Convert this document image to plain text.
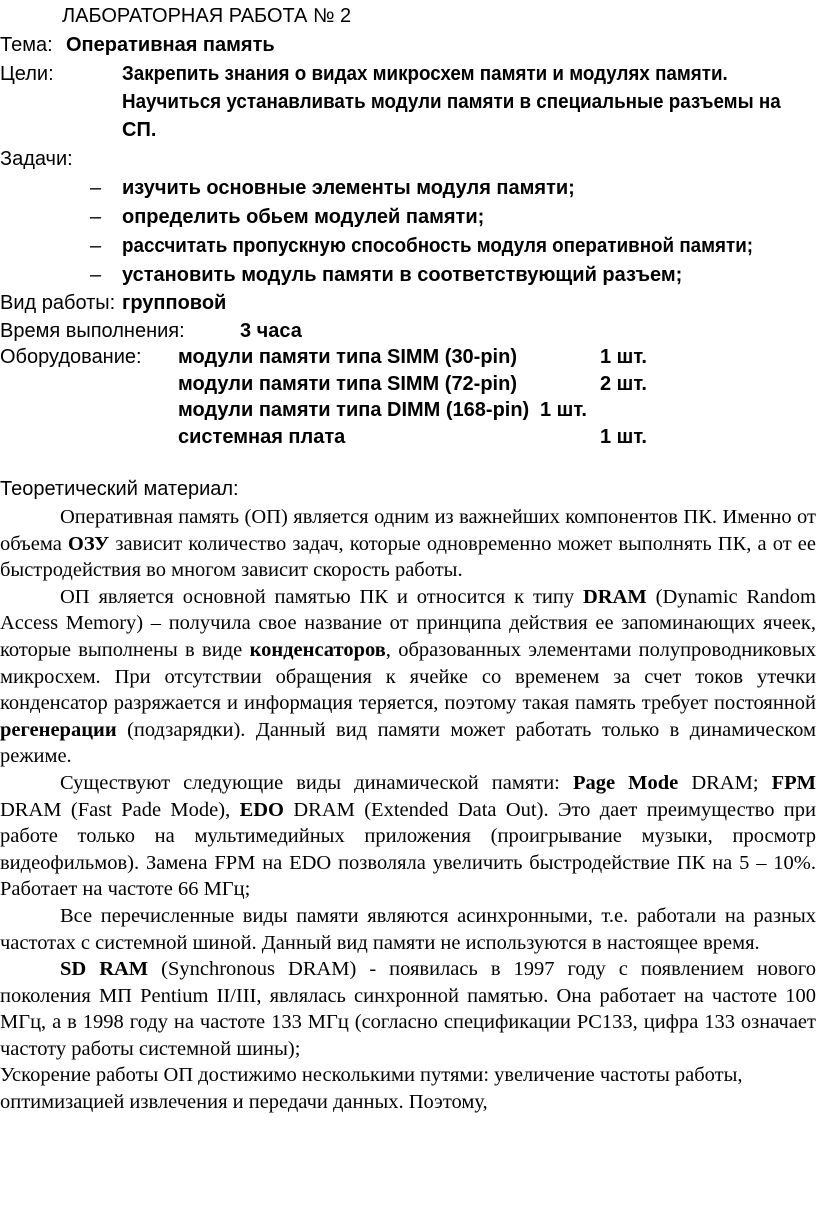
ЛАБОРАТОРНАЯ РАБОТА № 2
Тема: Оперативная память
Цели:	Закрепить знания о видах микросхем памяти и модулях памяти.
Научиться устанавливать модули памяти в специальные разъемы на
СП.
Задачи:
– изучить основные элементы модуля памяти;
– определить обьем модулей памяти;
– рассчитать пропускную способность модуля оперативной памяти;
– установить модуль памяти в соответствующий разъем;
Вид работы: групповой
Время выполнения:	3 часа
Оборудование: модули памяти типа SIMM (30-pin)	1 шт.
модули памяти типа SIMM (72-pin)	2 шт.
модули памяти типа DIMM (168-pin) 1 шт.
системная плата	1 шт.
Теоретический материал:

Оперативная память (ОП) является одним из важнейших компонентов ПК. Именно от объема ОЗУ зависит количество задач, которые одновременно может выполнять ПК, а от ее быстродействия во многом зависит скорость работы.

ОП является основной памятью ПК и относится к типу DRAM (Dynamic Random Access Memory) – получила свое название от принципа действия ее запоминающих ячеек, которые выполнены в виде конденсаторов, образованных элементами полупроводниковых микросхем. При отсутствии обращения к ячейке со временем за счет токов утечки конденсатор разряжается и информация теряется, поэтому такая память требует постоянной регенерации (подзарядки). Данный вид памяти может работать только в динамическом режиме.

Существуют следующие виды динамической памяти: Page Mode DRAM; FPM DRAM (Fast Pade Mode), EDO DRAM (Extended Data Out). Это дает преимущество при работе только на мультимедийных приложения (проигрывание музыки, просмотр видеофильмов). Замена FPM на EDO позволяла увеличить быстродействие ПК на 5 – 10%. Работает на частоте 66 МГц;

Все перечисленные виды памяти являются асинхронными, т.е. работали на разных частотах с системной шиной. Данный вид памяти не используются в настоящее время.

SD RAM (Synchronous DRAM) - появилась в 1997 году с появлением нового поколения МП Pentium II/III, являлась синхронной памятью. Она работает на частоте 100 МГц, а в 1998 году на частоте 133 МГц (согласно спецификации PC133, цифра 133 означает частоту работы системной шины);

Ускорение работы ОП достижимо несколькими путями: увеличение частоты работы, оптимизацией извлечения и передачи данных. Поэтому,
